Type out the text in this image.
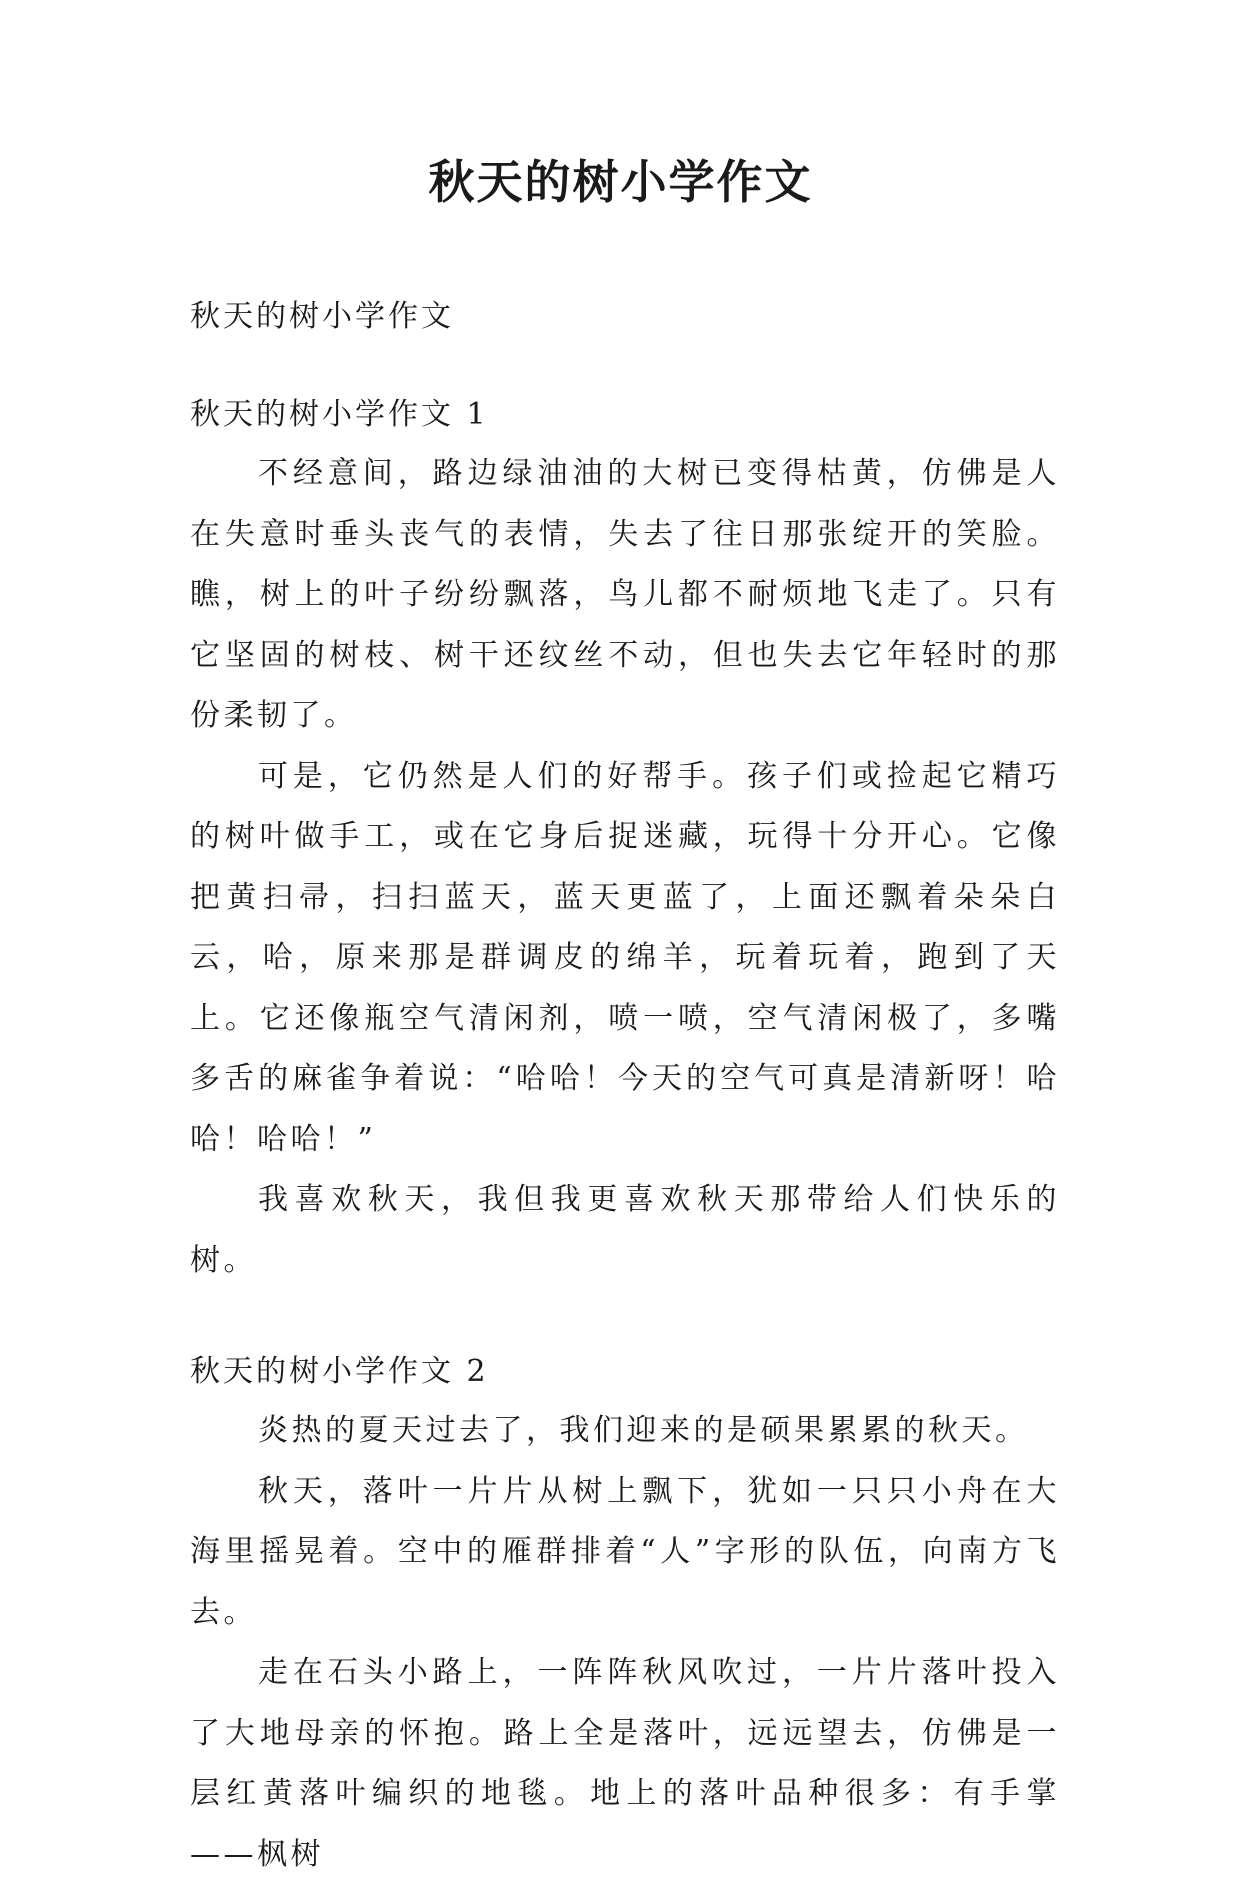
秋天的树小学作文

秋天的树小学作文

秋天的树小学作文 1

不经意间，路边绿油油的大树已变得枯黄，仿佛是人在失意时垂头丧气的表情，失去了往日那张绽开的笑脸。瞧，树上的叶子纷纷飘落，鸟儿都不耐烦地飞走了。只有它坚固的树枝、树干还纹丝不动，但也失去它年轻时的那份柔韧了。

可是，它仍然是人们的好帮手。孩子们或捡起它精巧的树叶做手工，或在它身后捉迷藏，玩得十分开心。它像把黄扫帚，扫扫蓝天，蓝天更蓝了，上面还飘着朵朵白云，哈，原来那是群调皮的绵羊，玩着玩着，跑到了天上。它还像瓶空气清闲剂，喷一喷，空气清闲极了，多嘴多舌的麻雀争着说：“哈哈！今天的空气可真是清新呀！哈哈！哈哈！”

我喜欢秋天，我但我更喜欢秋天那带给人们快乐的树。

秋天的树小学作文 2

炎热的夏天过去了，我们迎来的是硕果累累的秋天。

秋天，落叶一片片从树上飘下，犹如一只只小舟在大海里摇晃着。空中的雁群排着“人”字形的队伍，向南方飞去。

走在石头小路上，一阵阵秋风吹过，一片片落叶投入了大地母亲的怀抱。路上全是落叶，远远望去，仿佛是一层红黄落叶编织的地毯。地上的落叶品种很多：有手掌——枫树
